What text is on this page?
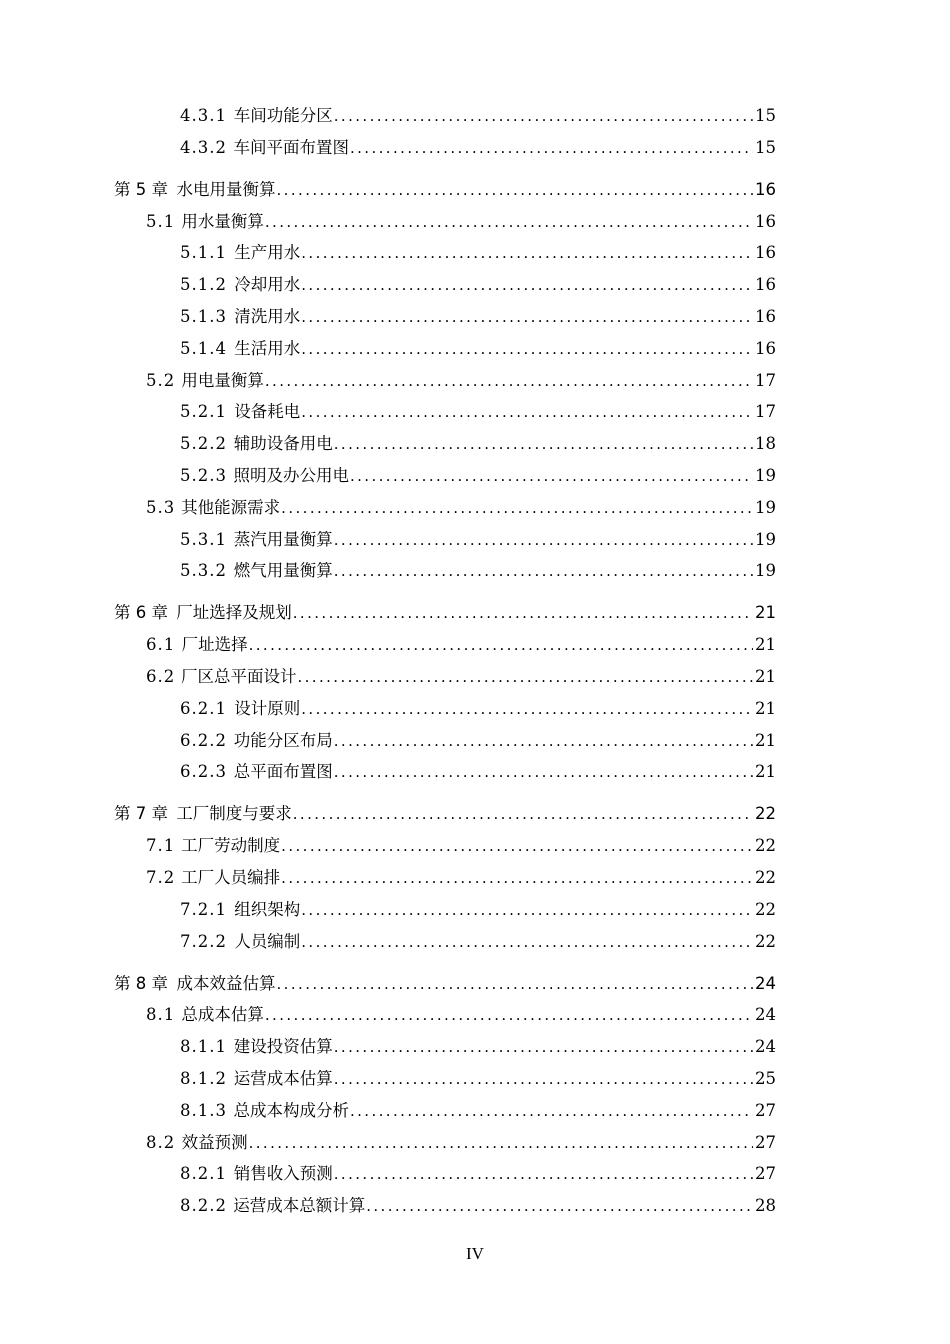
4.3.1 车间功能分区 .....	15
4.3.2 车间平面布置图 .....	15
第 5 章 水电用量衡算 .....	16
5.1 用水量衡算 .....	16
5.1.1 生产用水 .....	16
5.1.2 冷却用水 .....	16
5.1.3 清洗用水 .....	16
5.1.4 生活用水 .....	16
5.2 用电量衡算 .....	17
5.2.1 设备耗电 .....	17
5.2.2 辅助设备用电 .....	18
5.2.3 照明及办公用电 .....	19
5.3 其他能源需求 .....	19
5.3.1 蒸汽用量衡算 .....	19
5.3.2 燃气用量衡算 .....	19
第 6 章 厂址选择及规划 .....	21
6.1 厂址选择 .....	21
6.2 厂区总平面设计 .....	21
6.2.1 设计原则 .....	21
6.2.2 功能分区布局 .....	21
6.2.3 总平面布置图 .....	21
第 7 章 工厂制度与要求 .....	22
7.1 工厂劳动制度 .....	22
7.2 工厂人员编排 .....	22
7.2.1 组织架构 .....	22
7.2.2 人员编制 .....	22
第 8 章 成本效益估算 .....	24
8.1 总成本估算 .....	24
8.1.1 建设投资估算 .....	24
8.1.2 运营成本估算 .....	25
8.1.3 总成本构成分析 .....	27
8.2 效益预测 .....	27
8.2.1 销售收入预测 .....	27
8.2.2 运营成本总额计算 .....	28
IV
